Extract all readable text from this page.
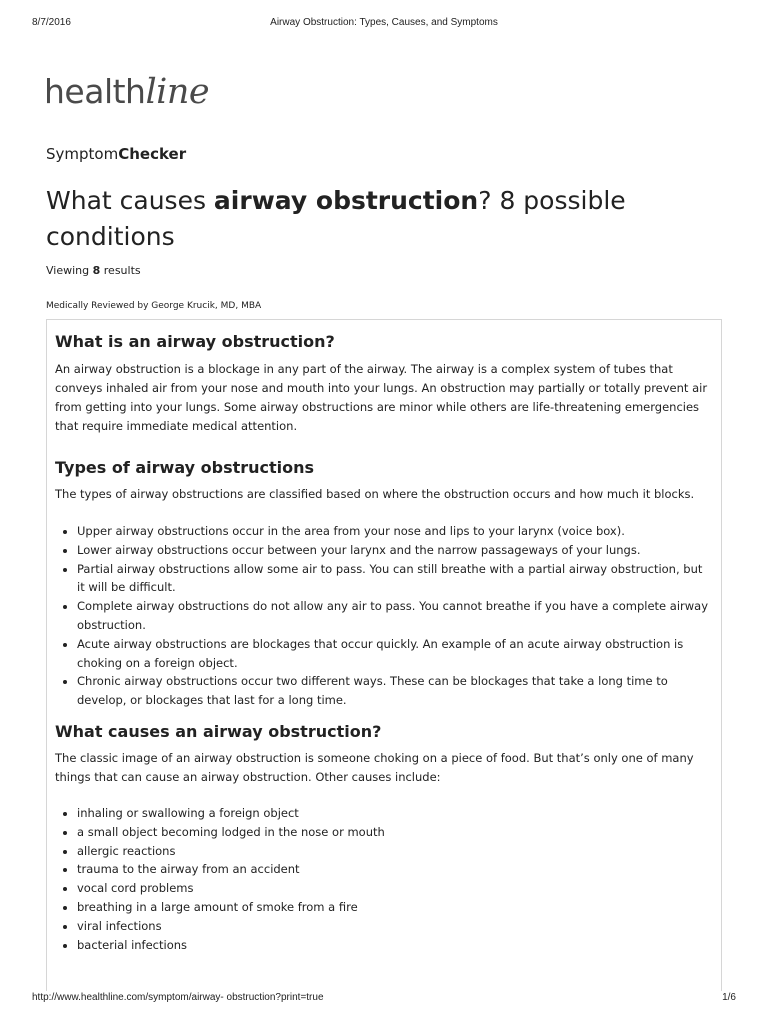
8/7/2016	Airway Obstruction: Types, Causes, and Symptoms
healthline
SymptomChecker
What causes airway obstruction? 8 possible conditions
Viewing 8 results
Medically Reviewed by George Krucik, MD, MBA
What is an airway obstruction?

An airway obstruction is a blockage in any part of the airway. The airway is a complex system of tubes that conveys inhaled air from your nose and mouth into your lungs. An obstruction may partially or totally prevent air from getting into your lungs. Some airway obstructions are minor while others are life-threatening emergencies that require immediate medical attention.

Types of airway obstructions

The types of airway obstructions are classified based on where the obstruction occurs and how much it blocks.

• Upper airway obstructions occur in the area from your nose and lips to your larynx (voice box).
• Lower airway obstructions occur between your larynx and the narrow passageways of your lungs.
• Partial airway obstructions allow some air to pass. You can still breathe with a partial airway obstruction, but it will be difficult.
• Complete airway obstructions do not allow any air to pass. You cannot breathe if you have a complete airway obstruction.
• Acute airway obstructions are blockages that occur quickly. An example of an acute airway obstruction is choking on a foreign object.
• Chronic airway obstructions occur two different ways. These can be blockages that take a long time to develop, or blockages that last for a long time.
What causes an airway obstruction?

The classic image of an airway obstruction is someone choking on a piece of food. But that’s only one of many things that can cause an airway obstruction. Other causes include:

• inhaling or swallowing a foreign object
• a small object becoming lodged in the nose or mouth
• allergic reactions
• trauma to the airway from an accident
• vocal cord problems
• breathing in a large amount of smoke from a fire
• viral infections
• bacterial infections
http://www.healthline.com/symptom/airway- obstruction?print=true	1/6
